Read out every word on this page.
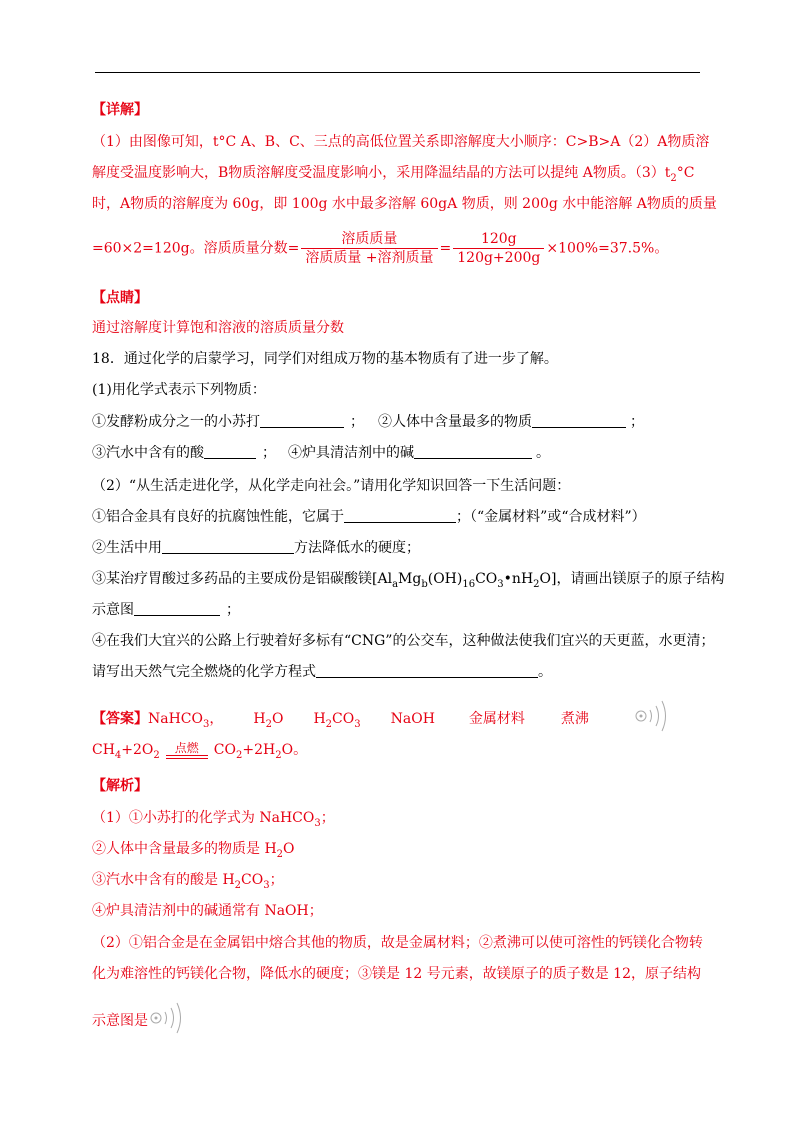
【详解】
（1）由图像可知，t°C A、B、C、三点的高低位置关系即溶解度大小顺序：C>B>A（2）A物质溶
解度受温度影响大，B物质溶解度受温度影响小，采用降温结晶的方法可以提纯 A物质。$(3)t_2^\circ C$
时，A物质的溶解度为 60g，即 100g 水中最多溶解 60gA 物质，则 200g 水中能溶解 A物质的质量
=60×2=120g。溶质质量分数= $\frac{\text{溶质质量}}{\text{溶质质量 +溶剂质量}} = \frac{120g}{120g+200g} \times 100\%=37.5\%$。
【点睛】
通过溶解度计算饱和溶液的溶质质量分数
18．通过化学的启蒙学习，同学们对组成万物的基本物质有了进一步了解。
(1)用化学式表示下列物质：
①发酵粉成分之一的小苏打	； ②人体中含量最多的物质	；
③汽水中含有的酸	； ④炉具清洁剂中的碱	。
（2）“从生活走进化学，从化学走向社会。”请用化学知识回答一下生活问题：
①铝合金具有良好的抗腐蚀性能，它属于	；（“金属材料”或“合成材料”）
②生活中用	方法降低水的硬度；
③某治疗胃酸过多药品的主要成份是铝碳酸镁$[Al_aMg_b(OH)_{16}CO_3•nH_2O]$，请画出镁原子的原子结构
示意图	；
④在我们大宜兴的公路上行驶着好多标有“CNG”的公交车，这种做法使我们宜兴的天更蓝，水更清；
请写出天然气完全燃烧的化学方程式	。
【答案】NaHCO$_3$， $H_2O$ $H_2CO_3$ NaOH 金属材料	煮沸
$CH_4+2O_2$点燃 $CO_2+2H_2O$。
【解析】
（1）①小苏打的化学式为 NaHCO$_3$；
②人体中含量最多的物质是 $H_2O$
③汽水中含有的酸是 $H_2CO_3$；
④炉具清洁剂中的碱通常有 NaOH；
（2）①铝合金是在金属铝中熔合其他的物质，故是金属材料；②煮沸可以使可溶性的钙镁化合物转
化为难溶性的钙镁化合物，降低水的硬度；③镁是 12 号元素，故镁原子的质子数是 12，原子结构
示意图是
